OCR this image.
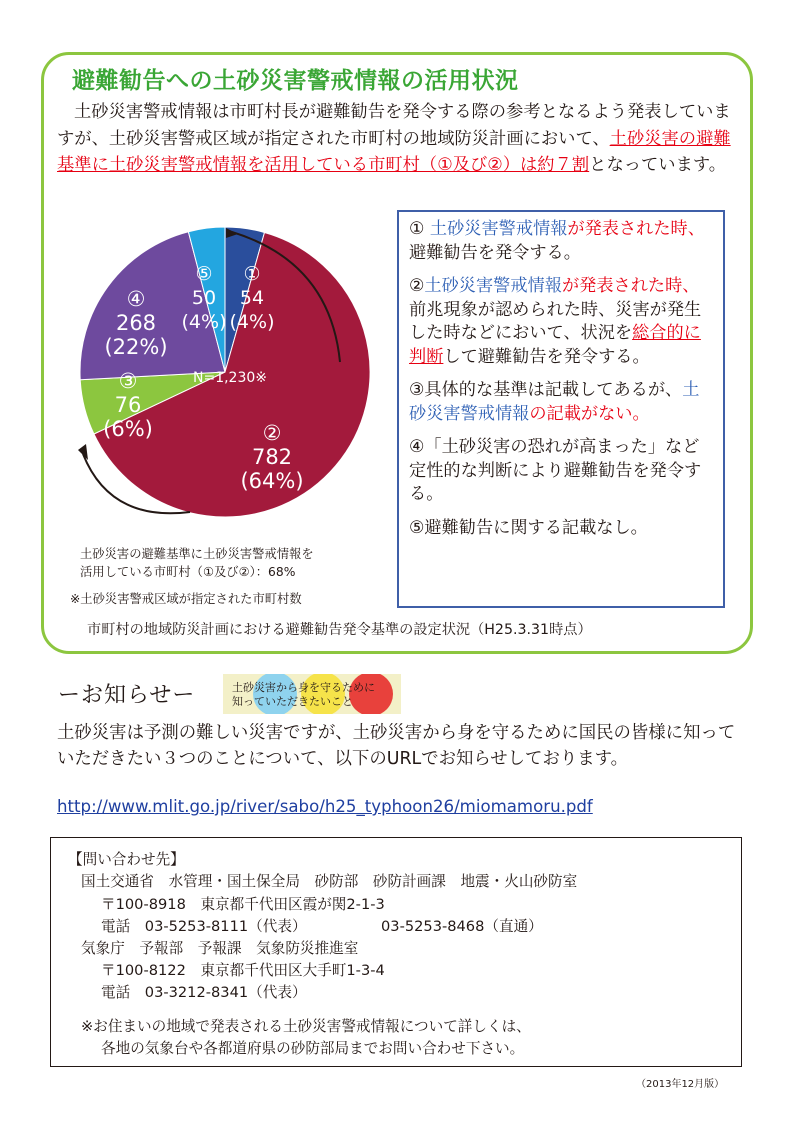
避難勧告への土砂災害警戒情報の活用状況
土砂災害警戒情報は市町村長が避難勧告を発令する際の参考となるよう発表していますが、土砂災害警戒区域が指定された市町村の地域防災計画において、土砂災害の避難基準に土砂災害警戒情報を活用している市町村（①及び②）は約７割となっています。
①
54
(4%)
②
782
(64%)
③
76
(6%)
④
268
(22%)
⑤
50
(4%)
N=1,230※
土砂災害の避難基準に土砂災害警戒情報を
活用している市町村（①及び②）：68%
※土砂災害警戒区域が指定された市町村数

① 土砂災害警戒情報が発表された時、避難勧告を発令する。

②土砂災害警戒情報が発表された時、前兆現象が認められた時、災害が発生した時などにおいて、状況を総合的に判断して避難勧告を発令する。

③具体的な基準は記載してあるが、土砂災害警戒情報の記載がない。

④「土砂災害の恐れが高まった」など定性的な判断により避難勧告を発令する。

⑤避難勧告に関する記載なし。

市町村の地域防災計画における避難勧告発令基準の設定状況（H25.3.31時点）
ーお知らせー	土砂災害から身を守るために
知っていただきたいこと
土砂災害は予測の難しい災害ですが、土砂災害から身を守るために国民の皆様に知っていただきたい３つのことについて、以下のURLでお知らせしております。
http://www.mlit.go.jp/river/sabo/h25_typhoon26/miomamoru.pdf
【問い合わせ先】
国土交通省　水管理・国土保全局　砂防部　砂防計画課　地震・火山砂防室
〒100-8918　東京都千代田区霞が関2-1-3
電話　03-5253-8111（代表）	03-5253-8468（直通）
気象庁　予報部　予報課　気象防災推進室
〒100-8122　東京都千代田区大手町1-3-4
電話　03-3212-8341（代表）
※お住まいの地域で発表される土砂災害警戒情報について詳しくは、
各地の気象台や各都道府県の砂防部局までお問い合わせ下さい。
（2013年12月版）
